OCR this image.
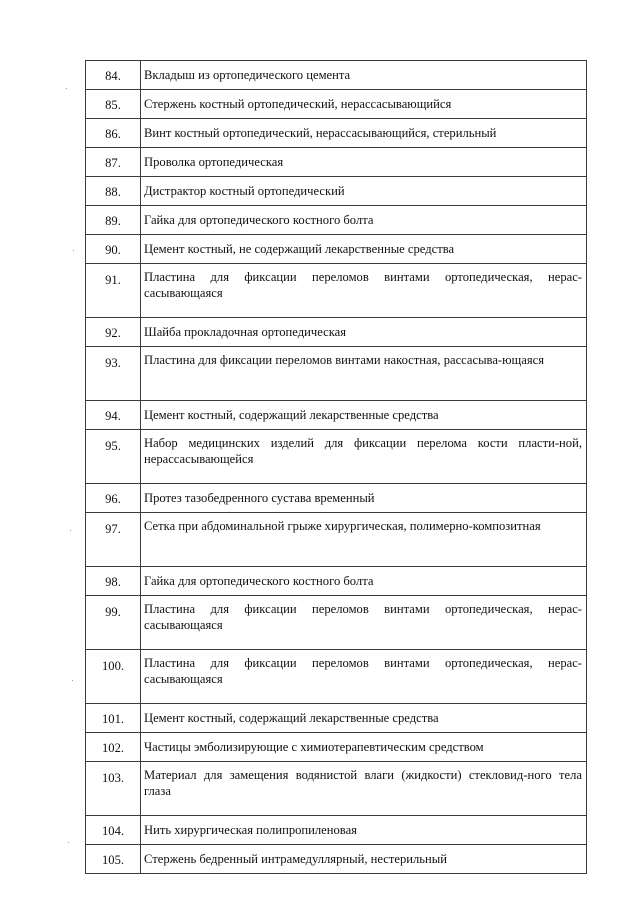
84.	Вкладыш из ортопедического цемента
85.	Стержень костный ортопедический, нерассасывающийся
86.	Винт костный ортопедический, нерассасывающийся, стерильный
87.	Проволка ортопедическая
88.	Дистрактор костный ортопедический
89.	Гайка для ортопедического костного болта
90.	Цемент костный, не содержащий лекарственные средства
91.	Пластина для фиксации переломов винтами ортопедическая, нерас-сасывающаяся
92.	Шайба прокладочная ортопедическая
93.	Пластина для фиксации переломов винтами накостная, рассасыва-ющаяся
94.	Цемент костный, содержащий лекарственные средства
95.	Набор медицинских изделий для фиксации перелома кости пласти-ной, нерассасывающейся
96.	Протез тазобедренного сустава временный
97.	Сетка при абдоминальной грыже хирургическая, полимерно-композитная
98.	Гайка для ортопедического костного болта
99.	Пластина для фиксации переломов винтами ортопедическая, нерас-сасывающаяся
100.	Пластина для фиксации переломов винтами ортопедическая, нерас-сасывающаяся
101.	Цемент костный, содержащий лекарственные средства
102.	Частицы эмболизирующие с химиотерапевтическим средством
103.	Материал для замещения водянистой влаги (жидкости) стекловид-ного тела глаза
104.	Нить хирургическая полипропиленовая
105.	Стержень бедренный интрамедуллярный, нестерильный
